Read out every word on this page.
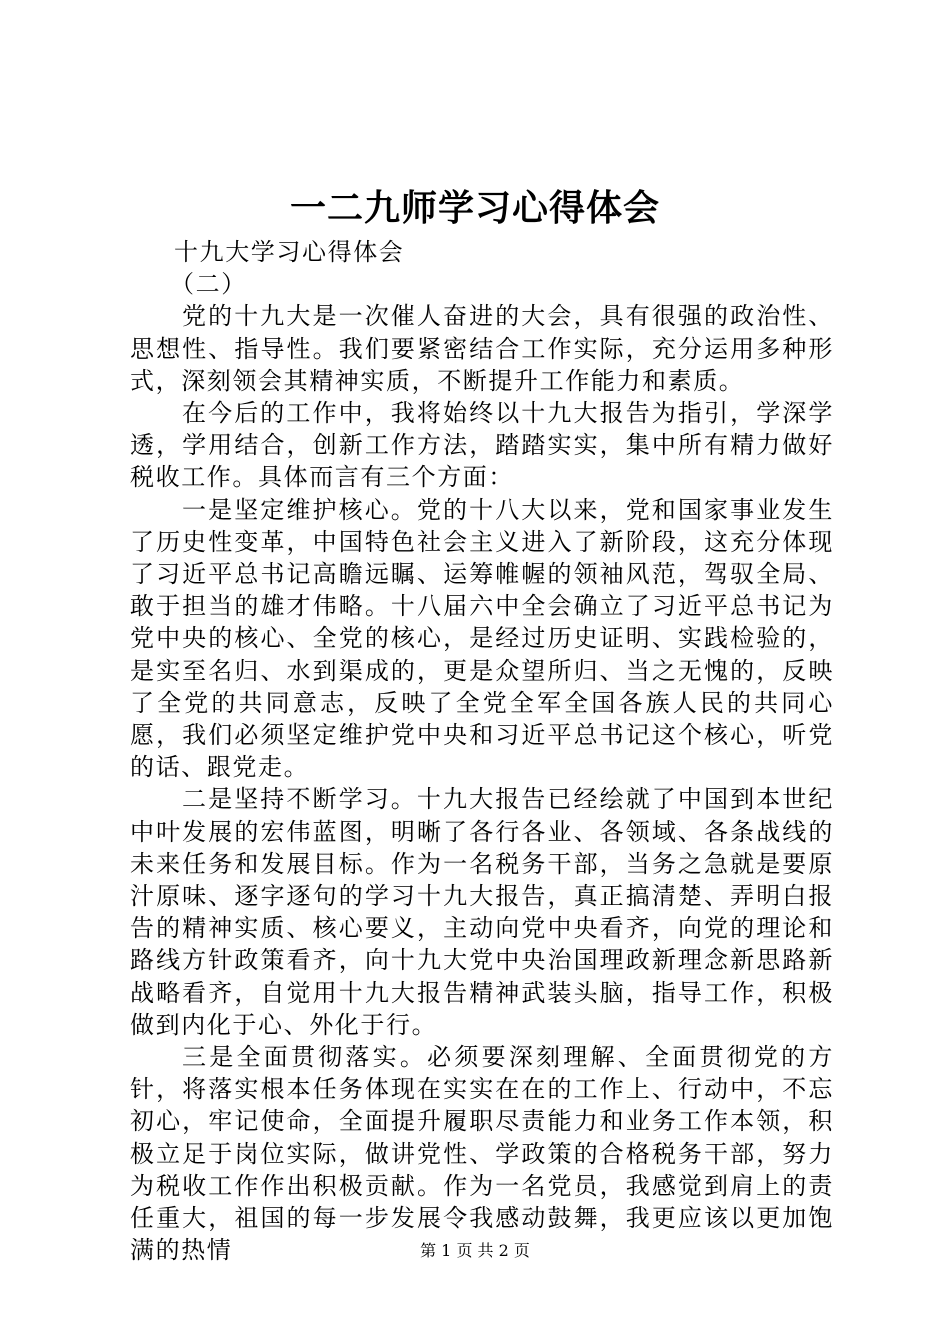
一二九师学习心得体会

十九大学习心得体会

（二）

党的十九大是一次催人奋进的大会，具有很强的政治性、思想性、指导性。我们要紧密结合工作实际，充分运用多种形式，深刻领会其精神实质，不断提升工作能力和素质。

在今后的工作中，我将始终以十九大报告为指引，学深学透，学用结合，创新工作方法，踏踏实实，集中所有精力做好税收工作。具体而言有三个方面：

一是坚定维护核心。党的十八大以来，党和国家事业发生了历史性变革，中国特色社会主义进入了新阶段，这充分体现了习近平总书记高瞻远瞩、运筹帷幄的领袖风范，驾驭全局、敢于担当的雄才伟略。十八届六中全会确立了习近平总书记为党中央的核心、全党的核心，是经过历史证明、实践检验的，是实至名归、水到渠成的，更是众望所归、当之无愧的，反映了全党的共同意志，反映了全党全军全国各族人民的共同心愿，我们必须坚定维护党中央和习近平总书记这个核心，听党的话、跟党走。

二是坚持不断学习。十九大报告已经绘就了中国到本世纪中叶发展的宏伟蓝图，明晰了各行各业、各领域、各条战线的未来任务和发展目标。作为一名税务干部，当务之急就是要原汁原味、逐字逐句的学习十九大报告，真正搞清楚、弄明白报告的精神实质、核心要义，主动向党中央看齐，向党的理论和路线方针政策看齐，向十九大党中央治国理政新理念新思路新战略看齐，自觉用十九大报告精神武装头脑，指导工作，积极做到内化于心、外化于行。

三是全面贯彻落实。必须要深刻理解、全面贯彻党的方针，将落实根本任务体现在实实在在的工作上、行动中，不忘初心，牢记使命，全面提升履职尽责能力和业务工作本领，积极立足于岗位实际，做讲党性、学政策的合格税务干部，努力为税收工作作出积极贡献。作为一名党员，我感觉到肩上的责任重大，祖国的每一步发展令我感动鼓舞，我更应该以更加饱满的热情	第 1 页 共 2 页
